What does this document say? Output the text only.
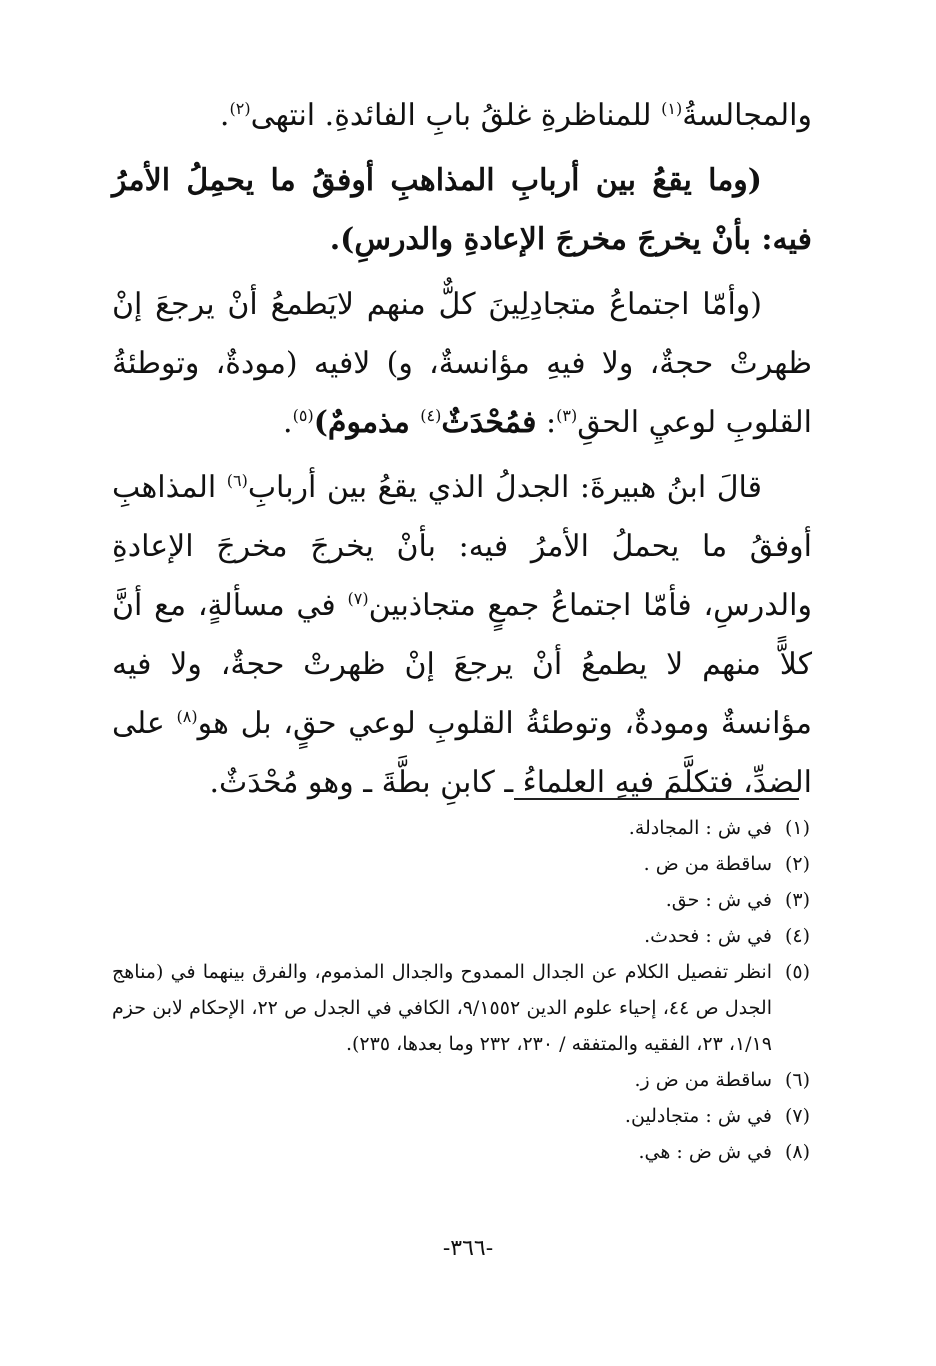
والمجالسةُ$^{(١)}$ للمناظرةِ غلقُ بابِ الفائدةِ. انتهى$^{(٢)}$.

(وما يقعُ بين أربابِ المذاهبِ أوفقُ ما يحمِلُ الأمرُ فيه: بأنْ يخرجَ مخرجَ الإعادةِ والدرسِ).

(وأمّا اجتماعُ متجادِلِينَ كلٌّ منهم لايَطمعُ أنْ يرجعَ إنْ ظهرتْ حجةٌ، ولا فيهِ مؤانسةٌ، و) لافيه (مودةٌ، وتوطئةُ القلوبِ لوعيِ الحقِ$^{(٣)}$: فمُحْدَثٌ$^{(٤)}$ مذمومٌ)$^{(٥)}$.

قالَ ابنُ هبيرةَ: الجدلُ الذي يقعُ بين أربابِ$^{(٦)}$ المذاهبِ أوفقُ ما يحملُ الأمرُ فيه: بأنْ يخرجَ مخرجَ الإعادةِ والدرسِ، فأمّا اجتماعُ جمعٍ متجاذبين$^{(٧)}$ في مسألةٍ، مع أنَّ كلاًّ منهم لا يطمعُ أنْ يرجعَ إنْ ظهرتْ حجةٌ، ولا فيه مؤانسةٌ ومودةٌ، وتوطئةُ القلوبِ لوعي حقٍ، بل هو$^{(٨)}$ على الضدِّ، فتكلَّمَ فيهِ العلماءُ ـ كابنِ بطَّةَ ـ وهو مُحْدَثٌ.

(١)
في ش : المجادلة.
(٢)
ساقطة من ض .
(٣)
في ش : حق.
(٤)
في ش : فحدث.
(٥)
انظر تفصيل الكلام عن الجدال الممدوح والجدال المذموم، والفرق بينهما في (مناهج الجدل ص ٤٤، إحياء علوم الدين ٩/١٥٥٢، الكافي في الجدل ص ٢٢، الإحكام لابن حزم ١/١٩، ٢٣، الفقيه والمتفقه / ٢٣٠، ٢٣٢ وما بعدها، ٢٣٥).
(٦)
ساقطة من ض ز.
(٧)
في ش : متجادلين.
(٨)
في ش ض : هي.
-٣٦٦-
